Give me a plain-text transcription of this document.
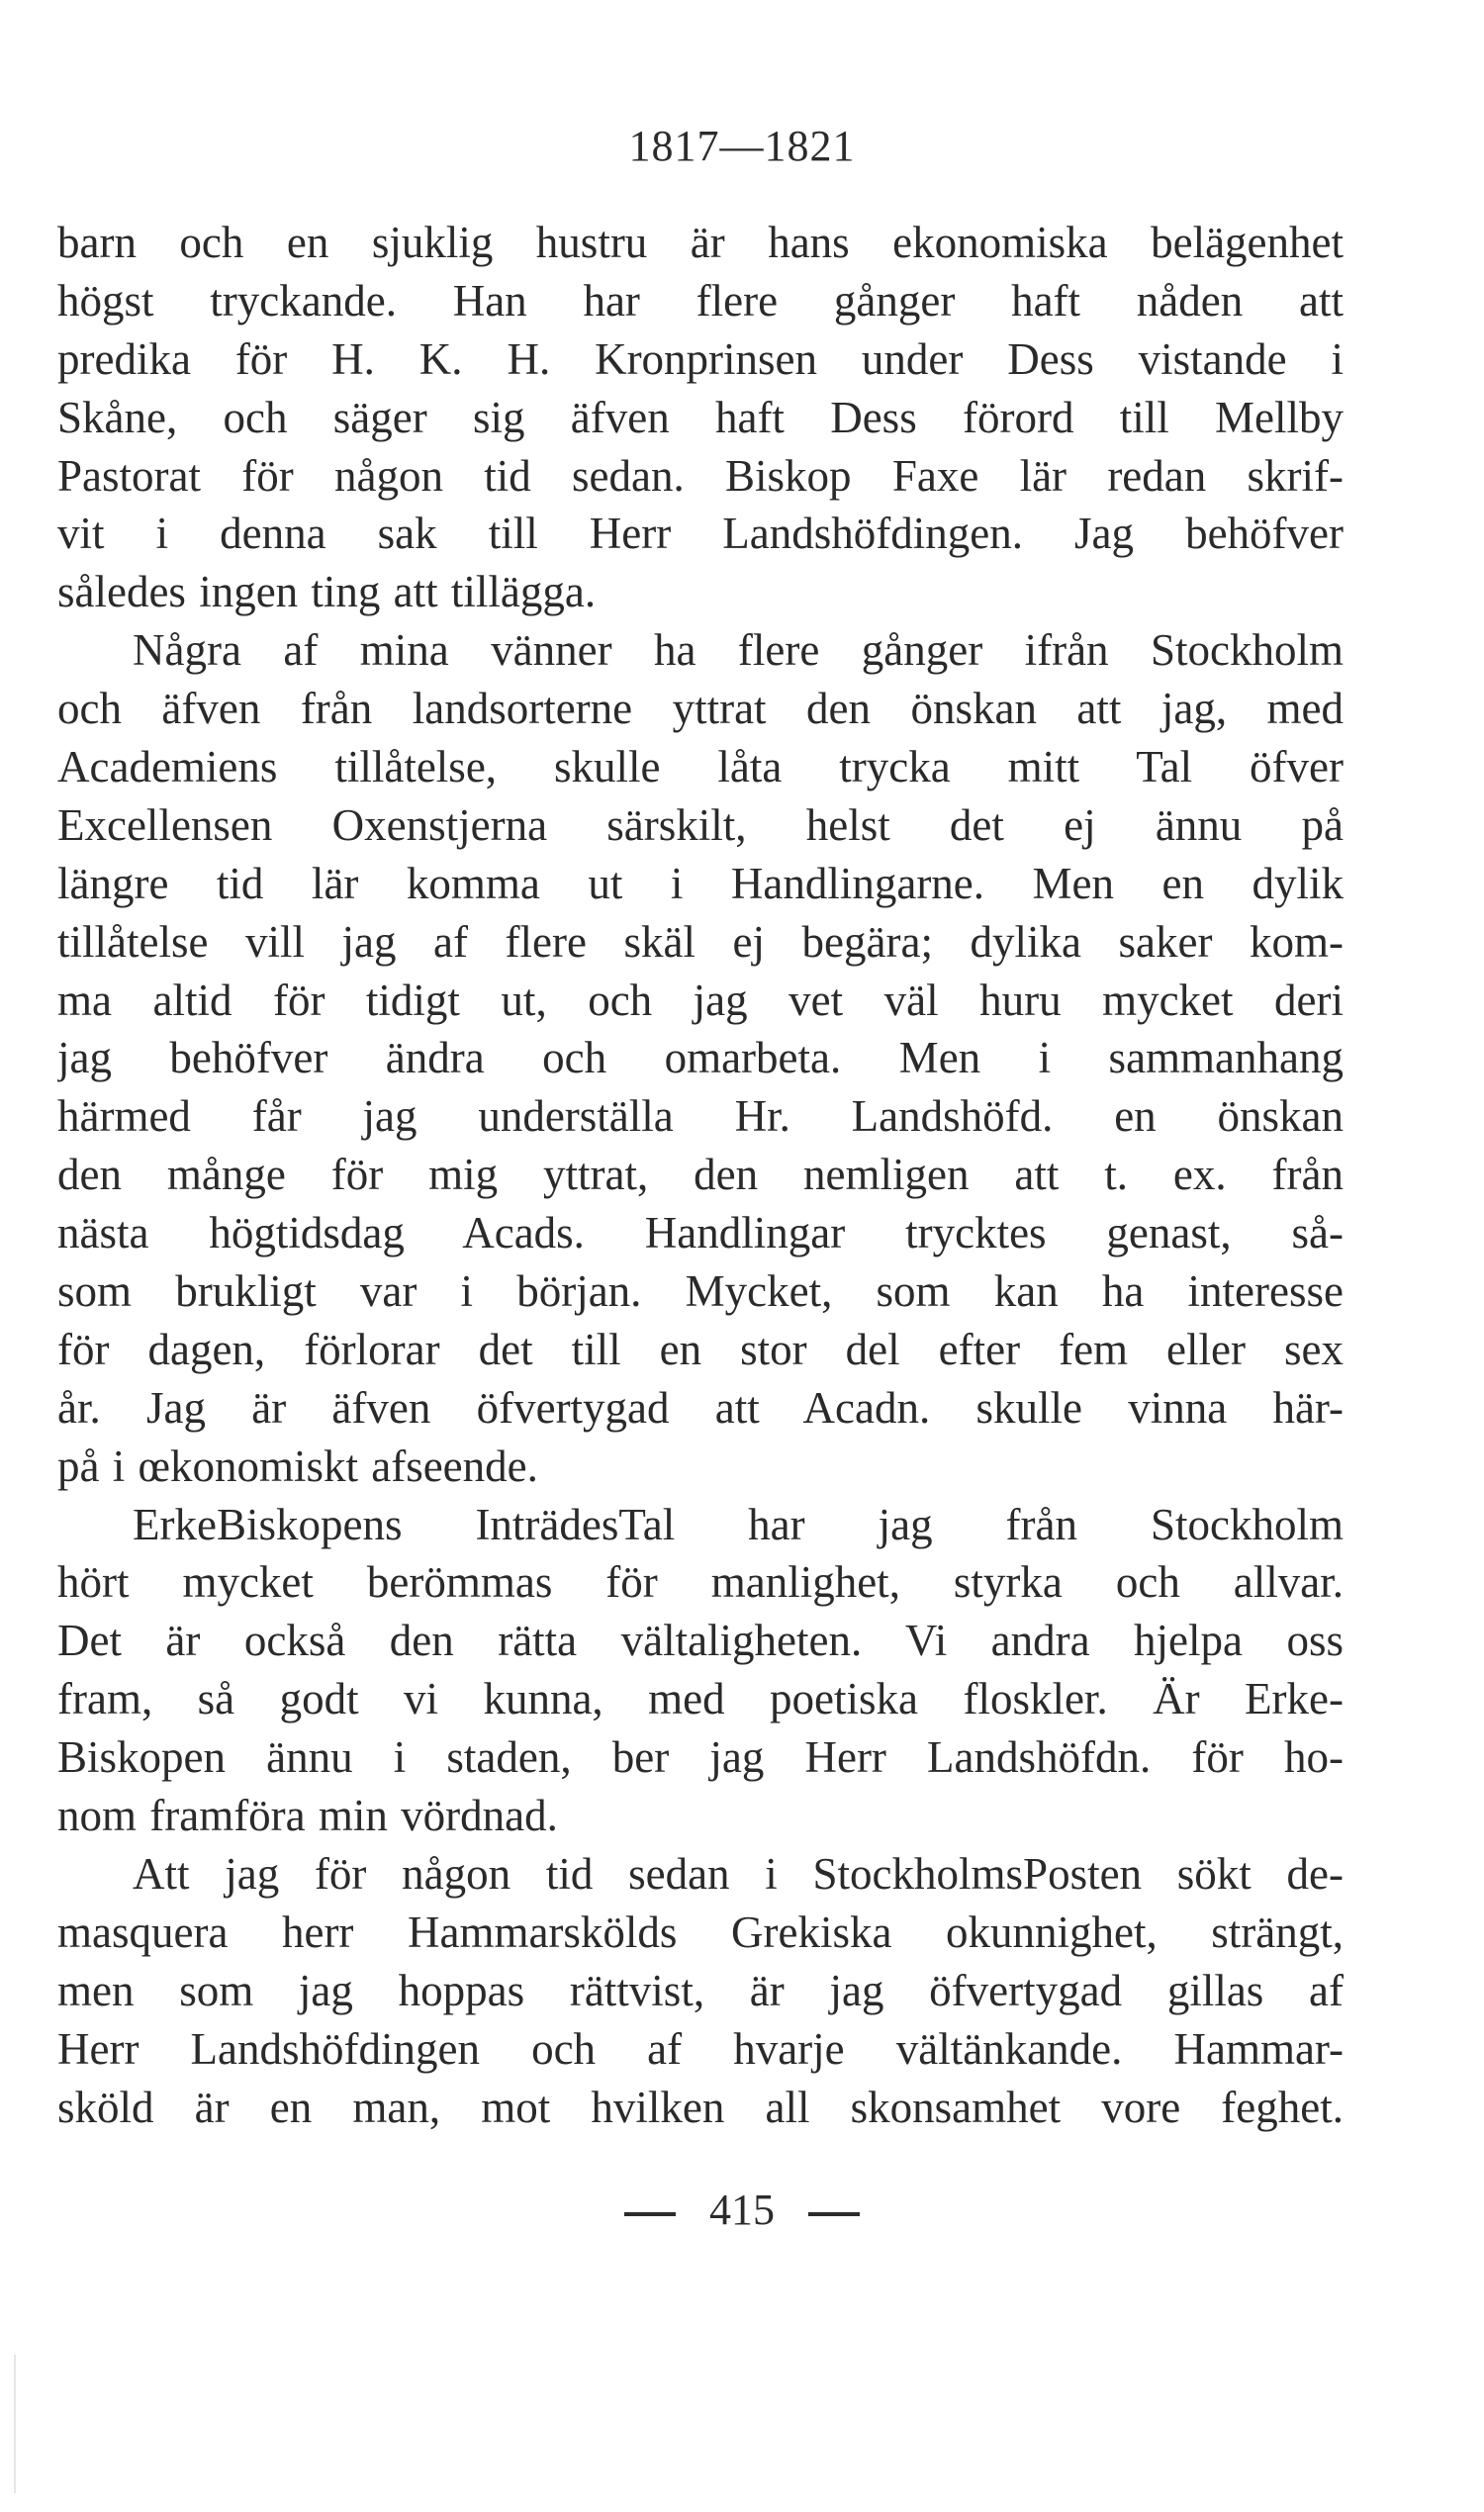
1817—1821
barn och en sjuklig hustru är hans ekonomiska belägenhet
högst tryckande. Han har flere gånger haft nåden att
predika för H. K. H. Kronprinsen under Dess vistande i
Skåne, och säger sig äfven haft Dess förord till Mellby
Pastorat för någon tid sedan. Biskop Faxe lär redan skrif-
vit i denna sak till Herr Landshöfdingen. Jag behöfver
således ingen ting att tillägga.
Några af mina vänner ha flere gånger ifrån Stockholm
och äfven från landsorterne yttrat den önskan att jag, med
Academiens tillåtelse, skulle låta trycka mitt Tal öfver
Excellensen Oxenstjerna särskilt, helst det ej ännu på
längre tid lär komma ut i Handlingarne. Men en dylik
tillåtelse vill jag af flere skäl ej begära; dylika saker kom-
ma altid för tidigt ut, och jag vet väl huru mycket deri
jag behöfver ändra och omarbeta. Men i sammanhang
härmed får jag underställa Hr. Landshöfd. en önskan
den månge för mig yttrat, den nemligen att t. ex. från
nästa högtidsdag Acads. Handlingar trycktes genast, så-
som brukligt var i början. Mycket, som kan ha interesse
för dagen, förlorar det till en stor del efter fem eller sex
år. Jag är äfven öfvertygad att Acadn. skulle vinna här-
på i œkonomiskt afseende.
ErkeBiskopens InträdesTal har jag från Stockholm
hört mycket berömmas för manlighet, styrka och allvar.
Det är också den rätta vältaligheten. Vi andra hjelpa oss
fram, så godt vi kunna, med poetiska floskler. Är Erke-
Biskopen ännu i staden, ber jag Herr Landshöfdn. för ho-
nom framföra min vördnad.
Att jag för någon tid sedan i StockholmsPosten sökt de-
masquera herr Hammarskölds Grekiska okunnighet, strängt,
men som jag hoppas rättvist, är jag öfvertygad gillas af
Herr Landshöfdingen och af hvarje vältänkande. Hammar-
sköld är en man, mot hvilken all skonsamhet vore feghet.
415
